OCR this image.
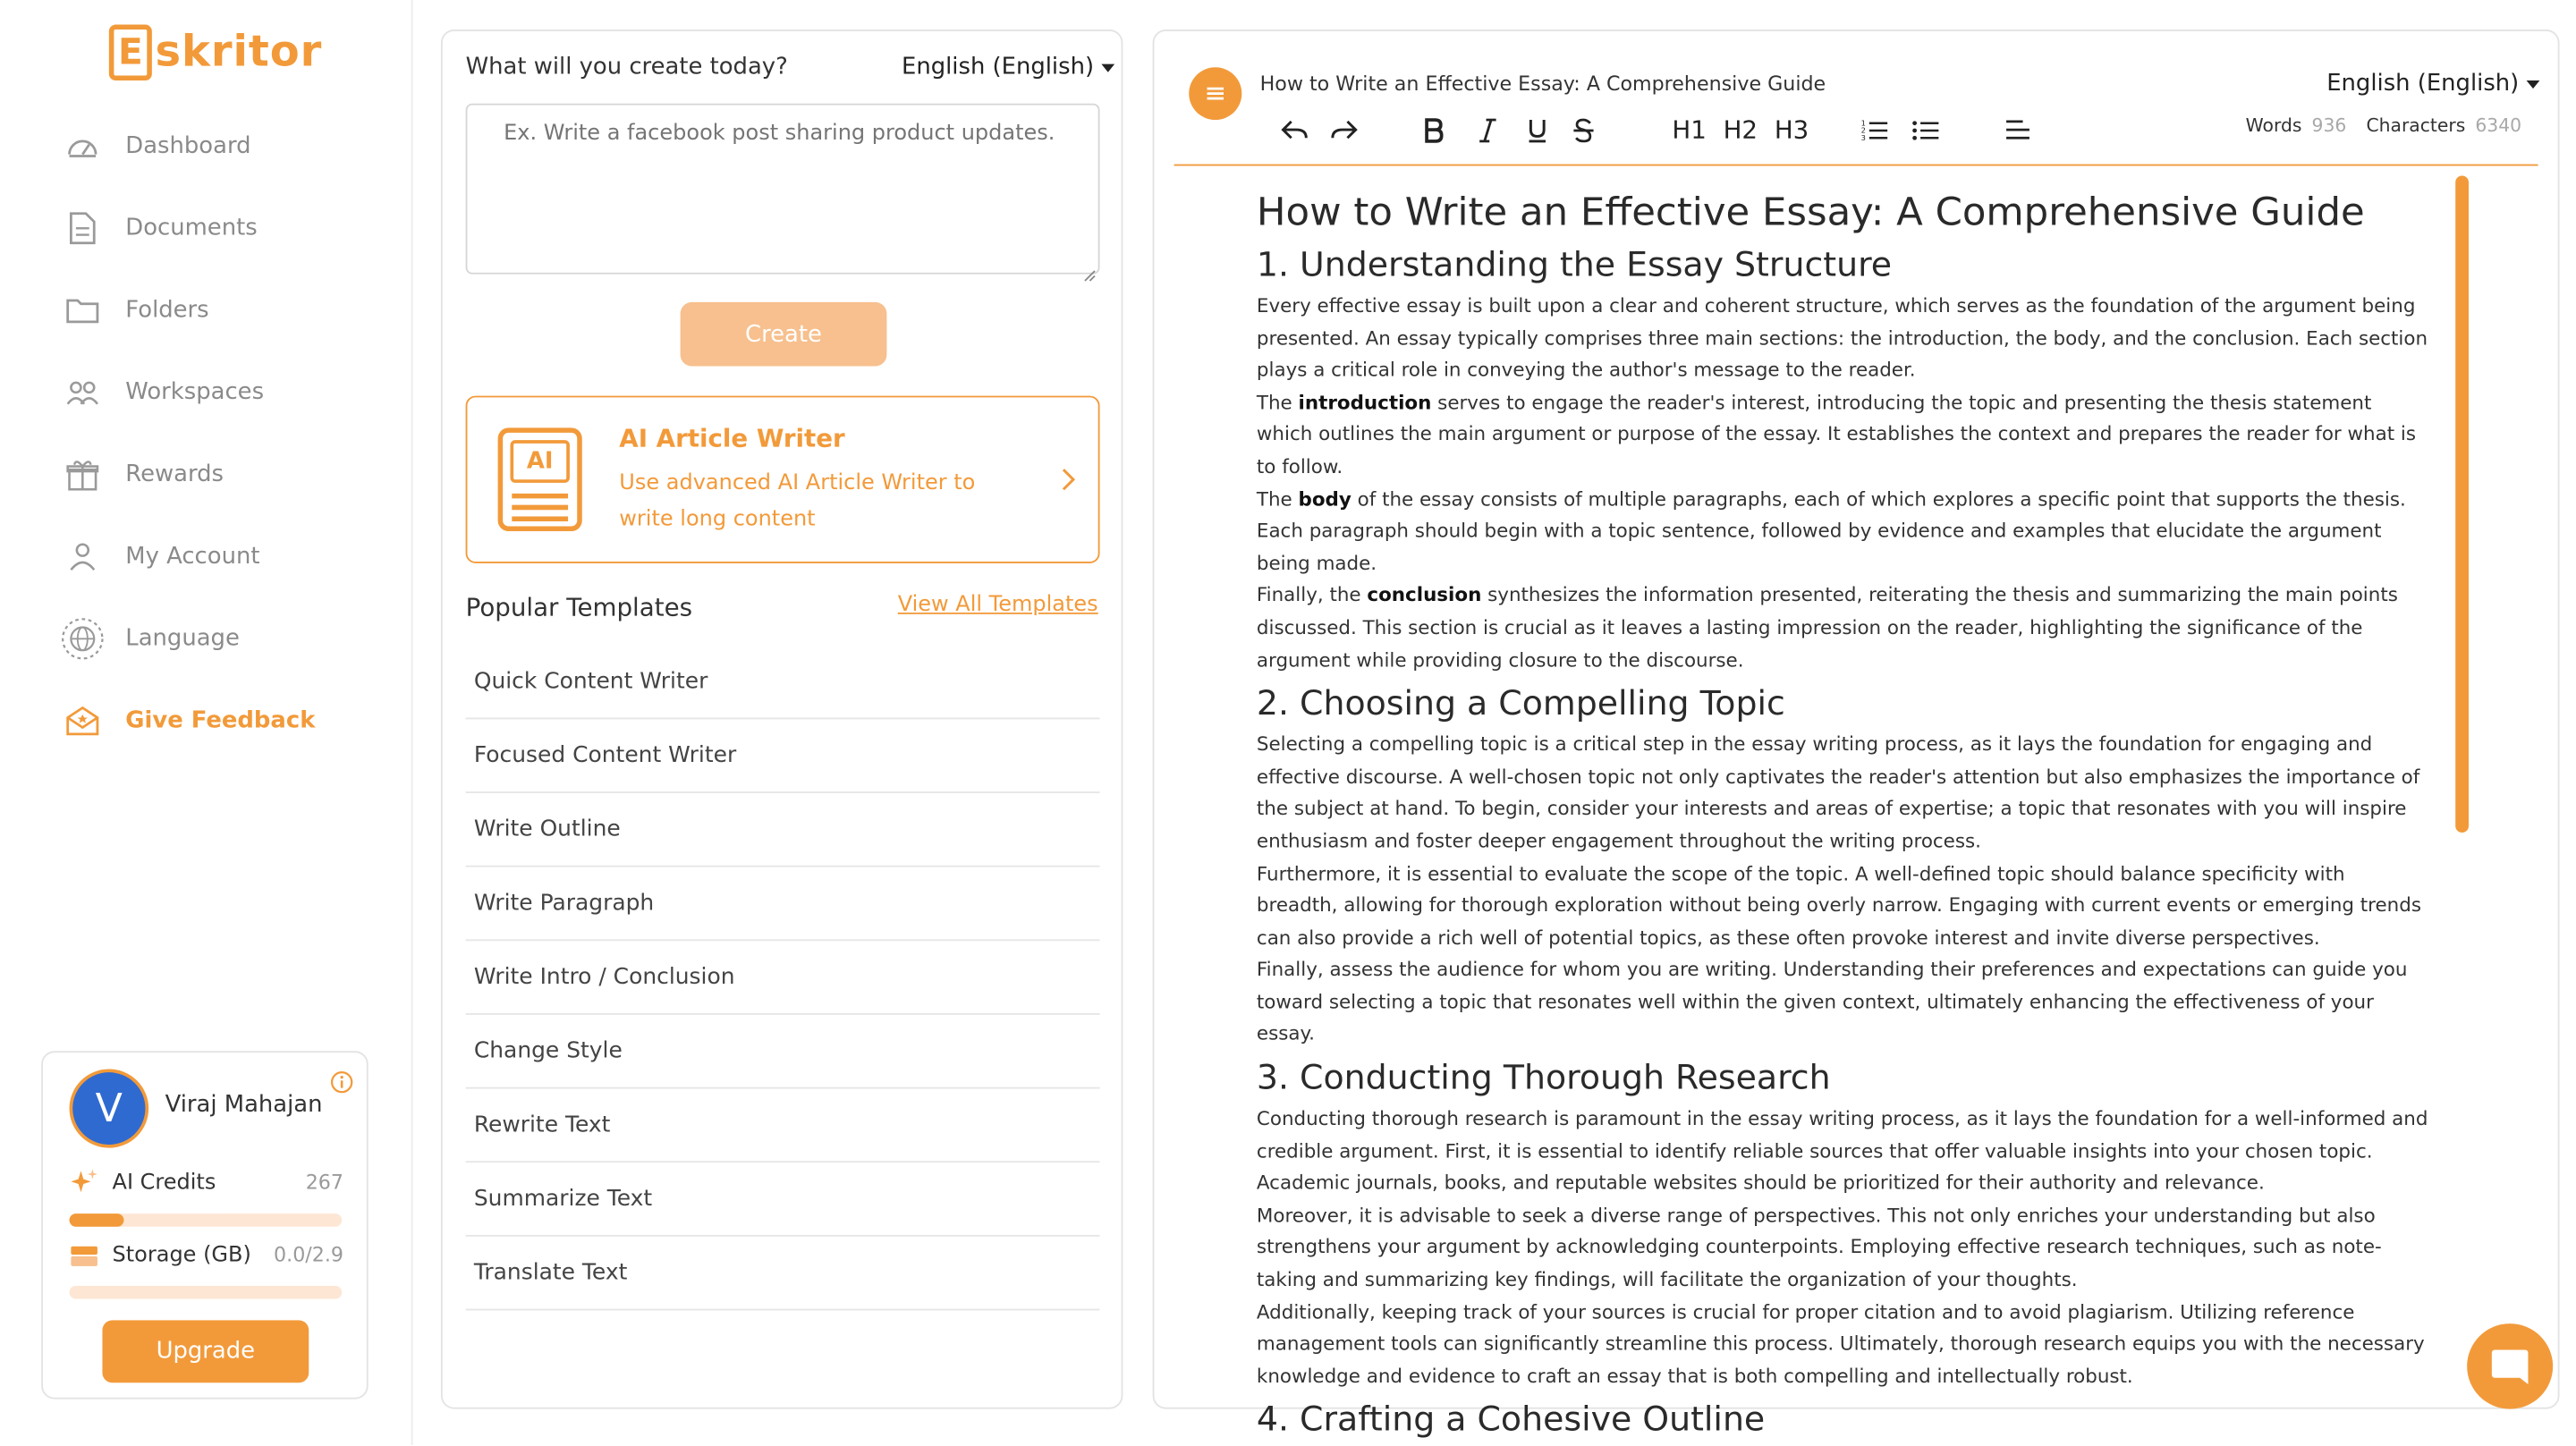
E skritor
Dashboard
Documents
Folders
Workspaces
Rewards
My Account
Language
Give Feedback
V	Viraj Mahajan
AI Credits	267
Storage (GB) 0.0/2.9
Upgrade
What will you create today?	English (English)
Ex. Write a facebook post sharing product updates.
Create
AI
AI Article Writer
Use advanced AI Article Writer to write long content
Popular Templates	View All Templates
Quick Content Writer
Focused Content Writer
Write Outline
Write Paragraph
Write Intro / Conclusion
Change Style
Rewrite Text
Summarize Text
Translate Text
How to Write an Effective Essay: A Comprehensive Guide	English (English)
H1	H2	H3	1
2
3
Words 936 Characters 6340
How to Write an Effective Essay: A Comprehensive Guide
1. Understanding the Essay Structure

Every effective essay is built upon a clear and coherent structure, which serves as the foundation of the argument being presented. An essay typically comprises three main sections: the introduction, the body, and the conclusion. Each section plays a critical role in conveying the author's message to the reader.

The introduction serves to engage the reader's interest, introducing the topic and presenting the thesis statement which outlines the main argument or purpose of the essay. It establishes the context and prepares the reader for what is to follow.

The body of the essay consists of multiple paragraphs, each of which explores a specific point that supports the thesis. Each paragraph should begin with a topic sentence, followed by evidence and examples that elucidate the argument being made.

Finally, the conclusion synthesizes the information presented, reiterating the thesis and summarizing the main points discussed. This section is crucial as it leaves a lasting impression on the reader, highlighting the significance of the argument while providing closure to the discourse.

2. Choosing a Compelling Topic

Selecting a compelling topic is a critical step in the essay writing process, as it lays the foundation for engaging and effective discourse. A well-chosen topic not only captivates the reader's attention but also emphasizes the importance of the subject at hand. To begin, consider your interests and areas of expertise; a topic that resonates with you will inspire enthusiasm and foster deeper engagement throughout the writing process.

Furthermore, it is essential to evaluate the scope of the topic. A well-defined topic should balance specificity with breadth, allowing for thorough exploration without being overly narrow. Engaging with current events or emerging trends can also provide a rich well of potential topics, as these often provoke interest and invite diverse perspectives.

Finally, assess the audience for whom you are writing. Understanding their preferences and expectations can guide you toward selecting a topic that resonates well within the given context, ultimately enhancing the effectiveness of your essay.

3. Conducting Thorough Research

Conducting thorough research is paramount in the essay writing process, as it lays the foundation for a well-informed and credible argument. First, it is essential to identify reliable sources that offer valuable insights into your chosen topic. Academic journals, books, and reputable websites should be prioritized for their authority and relevance.

Moreover, it is advisable to seek a diverse range of perspectives. This not only enriches your understanding but also strengthens your argument by acknowledging counterpoints. Employing effective research techniques, such as note-taking and summarizing key findings, will facilitate the organization of your thoughts.

Additionally, keeping track of your sources is crucial for proper citation and to avoid plagiarism. Utilizing reference management tools can significantly streamline this process. Ultimately, thorough research equips you with the necessary knowledge and evidence to craft an essay that is both compelling and intellectually robust.

4. Crafting a Cohesive Outline
